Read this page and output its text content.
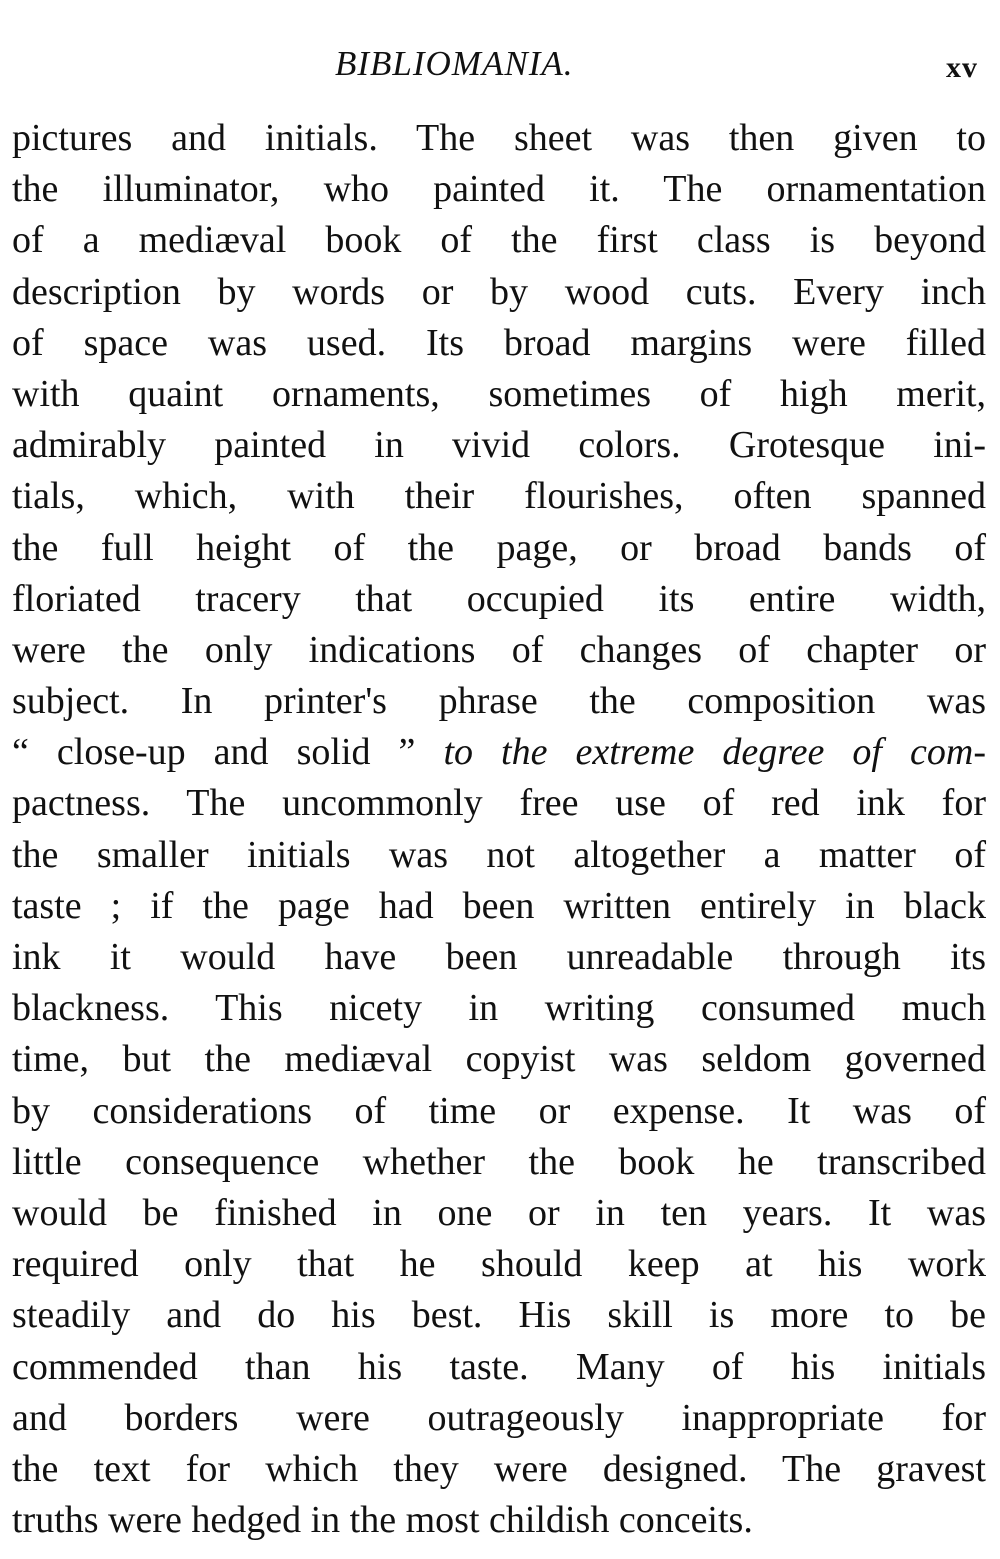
BIBLIOMANIA.	xv
pictures and initials. The sheet was then given to
the illuminator, who painted it. The ornamentation
of a mediæval book of the first class is beyond
description by words or by wood cuts. Every inch
of space was used. Its broad margins were filled
with quaint ornaments, sometimes of high merit,
admirably painted in vivid colors. Grotesque ini-
tials, which, with their flourishes, often spanned
the full height of the page, or broad bands of
floriated tracery that occupied its entire width,
were the only indications of changes of chapter or
subject. In printer's phrase the composition was
“ close-up and solid ” to the extreme degree of com-
pactness. The uncommonly free use of red ink for
the smaller initials was not altogether a matter of
taste ; if the page had been written entirely in black
ink it would have been unreadable through its
blackness. This nicety in writing consumed much
time, but the mediæval copyist was seldom governed
by considerations of time or expense. It was of
little consequence whether the book he transcribed
would be finished in one or in ten years. It was
required only that he should keep at his work
steadily and do his best. His skill is more to be
commended than his taste. Many of his initials
and borders were outrageously inappropriate for
the text for which they were designed. The gravest
truths were hedged in the most childish conceits.
